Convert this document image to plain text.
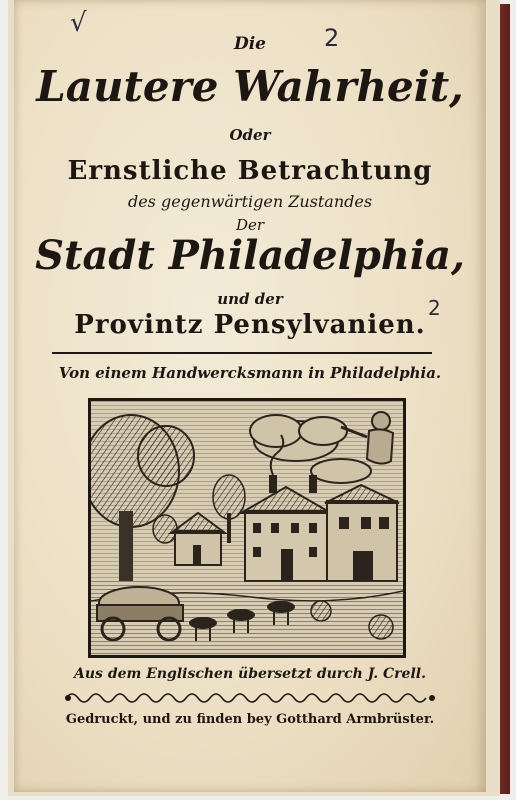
√	2
2
Die
Lautere Wahrheit,
Oder
Ernstliche Betrachtung
des gegenwärtigen Zustandes
Der
Stadt Philadelphia,
und der
Provintz Pensylvanien.
Von einem Handwercksmann in Philadelphia.
Aus dem Englischen übersetzt durch J. Crell.
Gedruckt, und zu finden bey Gotthard Armbrüster.
